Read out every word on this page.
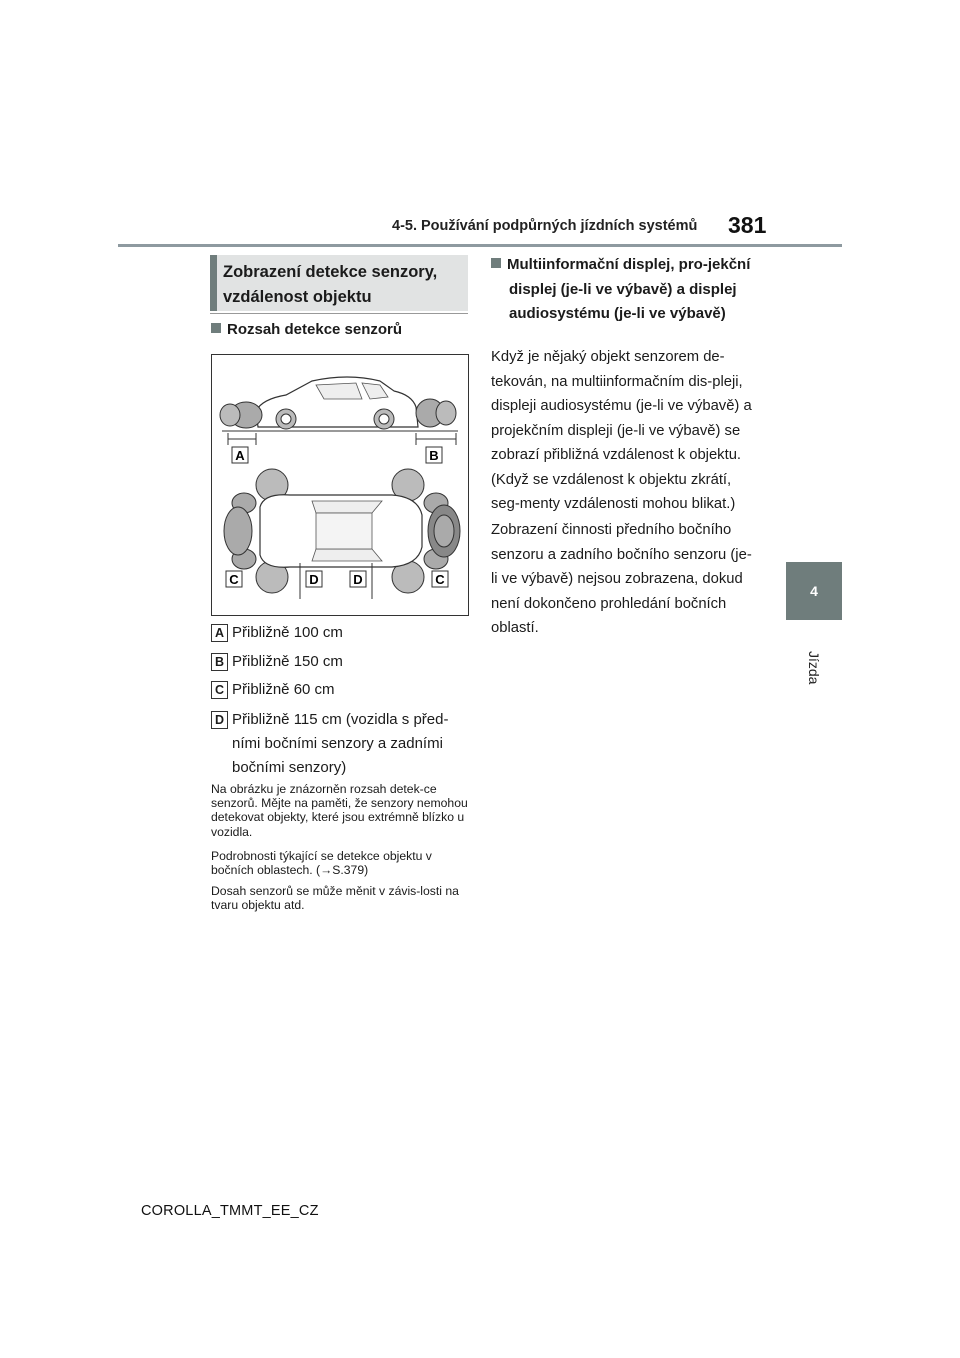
4-5. Používání podpůrných jízdních systémů 381
4
Jízda
Zobrazení detekce senzory, vzdálenost objektu
Rozsah detekce senzorů
A	B
C	D	D	C
A Přibližně 100 cm
B Přibližně 150 cm
C Přibližně 60 cm
D Přibližně 115 cm (vozidla s před-ními bočními senzory a zadními bočními senzory)
Na obrázku je znázorněn rozsah detek-ce senzorů. Mějte na paměti, že senzory nemohou detekovat objekty, které jsou extrémně blízko u vozidla.
Podrobnosti týkající se detekce objektu v bočních oblastech. (→S.379)
Dosah senzorů se může měnit v závis-losti na tvaru objektu atd.
Multiinformační displej, pro-jekční displej (je-li ve výbavě) a displej audiosystému (je-li ve výbavě)
Když je nějaký objekt senzorem de-tekován, na multiinformačním dis-pleji, displeji audiosystému (je-li ve výbavě) a projekčním displeji (je-li ve výbavě) se zobrazí přibližná vzdálenost k objektu. (Když se vzdálenost k objektu zkrátí, seg-menty vzdálenosti mohou blikat.)
Zobrazení činnosti předního bočního senzoru a zadního bočního senzoru (je-li ve výbavě) nejsou zobrazena, dokud není dokončeno prohledání bočních oblastí.
COROLLA_TMMT_EE_CZ
